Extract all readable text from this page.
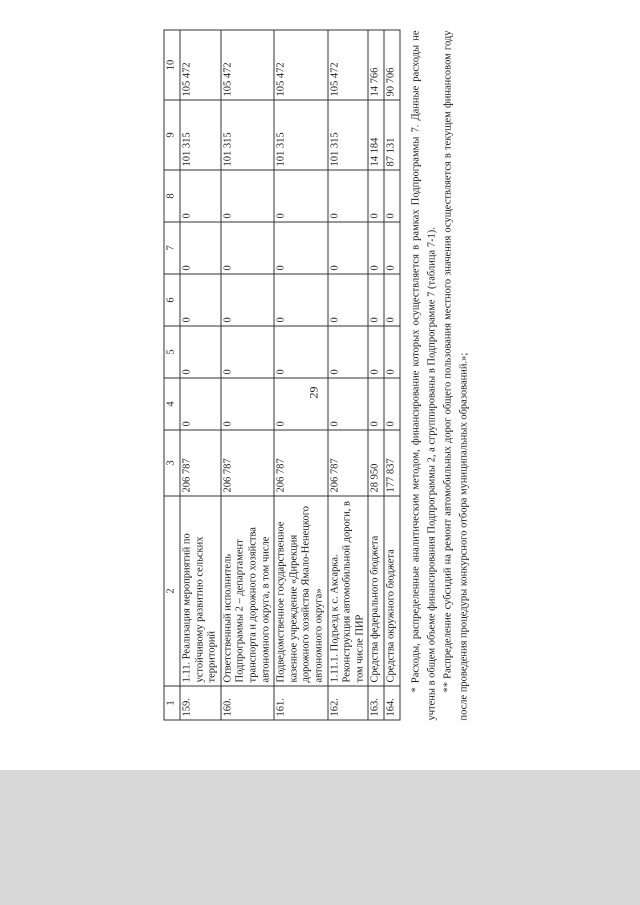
29
1	2	3	4	5	6	7	8	9	10
159.	1.11. Реализация мероприятий по устойчивому развитию сельских территорий	206 787	0	0	0	0	0	101 315	105 472
160.	Ответственный исполнитель Подпрограммы 2 – департамент транспорта и дорожного хозяйства автономного округа, в том числе	206 787	0	0	0	0	0	101 315	105 472
161.	Подведомственное государственное казенное учреждение «Дирекция дорожного хозяйства Ямало-Ненецкого автономного округа»	206 787	0	0	0	0	0	101 315	105 472
162.	1.11.1. Подъезд к с. Аксарка. Реконструкция автомобильной дороги, в том числе ПИР	206 787	0	0	0	0	0	101 315	105 472
163.	Средства федерального бюджета	28 950	0	0	0	0	0	14 184	14 766
164.	Средства окружного бюджета	177 837	0	0	0	0	0	87 131	90 706 * Расходы, распределенные аналитическим методом, финансирование которых осуществляется в рамках Подпрограммы 7. Данные расходы не учтены в общем объеме финансирования Подпрограммы 2, а сгруппированы в Подпрограмме 7 (таблица 7-1). ** Распределение субсидий на ремонт автомобильных дорог общего пользования местного значения осуществляется в текущем финансовом году после проведения процедуры конкурсного отбора муниципальных образований.»;
